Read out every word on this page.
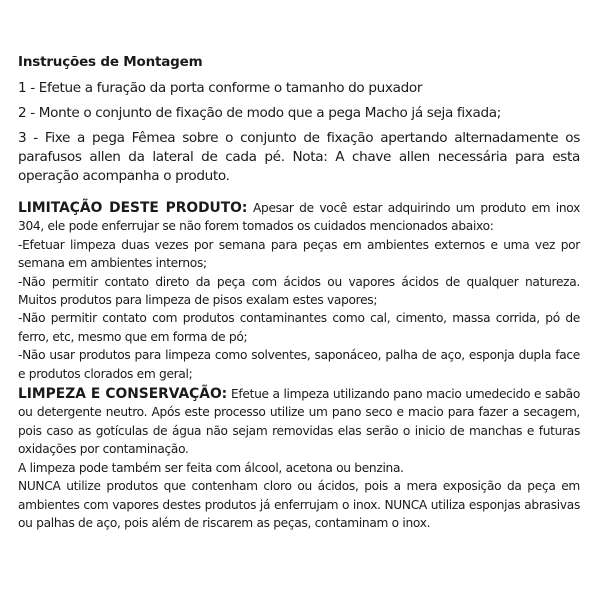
Instruções de Montagem
1 - Efetue a furação da porta conforme o tamanho do puxador
2 - Monte o conjunto de fixação de modo que a pega Macho já seja fixada;
3 - Fixe a pega Fêmea sobre o conjunto de fixação apertando alternadamente os parafusos allen da lateral de cada pé. Nota: A chave allen necessária para esta operação acompanha o produto.

LIMITAÇÃO DESTE PRODUTO: Apesar de você estar adquirindo um produto em inox 304, ele pode enferrujar se não forem tomados os cuidados mencionados abaixo:

-Efetuar limpeza duas vezes por semana para peças em ambientes externos e uma vez por semana em ambientes internos;

-Não permitir contato direto da peça com ácidos ou vapores ácidos de qualquer natureza. Muitos produtos para limpeza de pisos exalam estes vapores;

-Não permitir contato com produtos contaminantes como cal, cimento, massa corrida, pó de ferro, etc, mesmo que em forma de pó;

-Não usar produtos para limpeza como solventes, saponáceo, palha de aço, esponja dupla face e produtos clorados em geral;

LIMPEZA E CONSERVAÇÃO: Efetue a limpeza utilizando pano macio umedecido e sabão ou detergente neutro. Após este processo utilize um pano seco e macio para fazer a secagem, pois caso as gotículas de água não sejam removidas elas serão o inicio de manchas e futuras oxidações por contaminação.

A limpeza pode também ser feita com álcool, acetona ou benzina.

NUNCA utilize produtos que contenham cloro ou ácidos, pois a mera exposição da peça em ambientes com vapores destes produtos já enferrujam o inox. NUNCA utiliza esponjas abrasivas ou palhas de aço, pois além de riscarem as peças, contaminam o inox.
